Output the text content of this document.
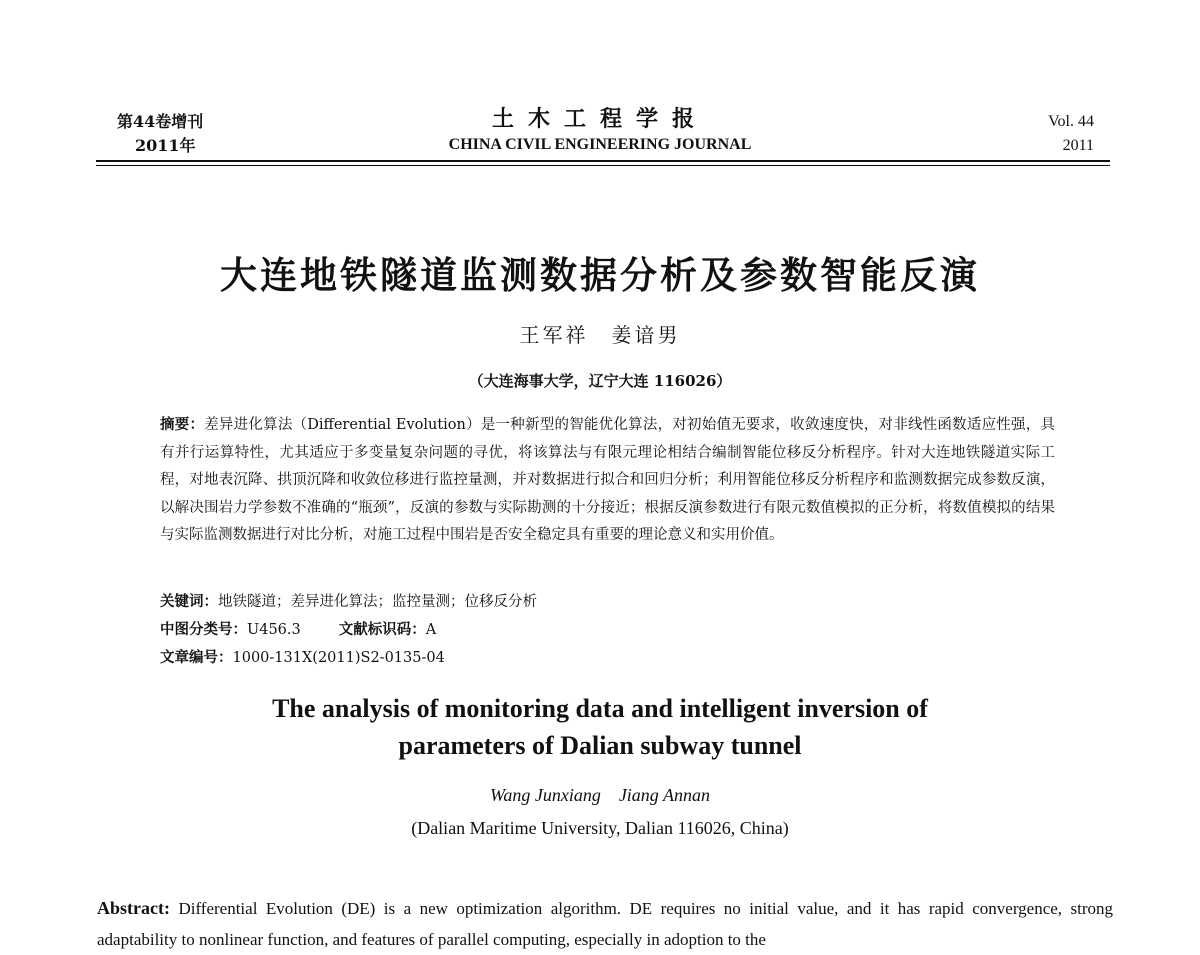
第44卷增刊
2011年
土木工程学报
CHINA CIVIL ENGINEERING JOURNAL
Vol. 44
2011
大连地铁隧道监测数据分析及参数智能反演
王军祥　姜谙男
（大连海事大学，辽宁大连 116026）
摘要：差异进化算法（Differential Evolution）是一种新型的智能优化算法，对初始值无要求，收敛速度快，对非线性函数适应性强，具有并行运算特性，尤其适应于多变量复杂问题的寻优，将该算法与有限元理论相结合编制智能位移反分析程序。针对大连地铁隧道实际工程，对地表沉降、拱顶沉降和收敛位移进行监控量测，并对数据进行拟合和回归分析；利用智能位移反分析程序和监测数据完成参数反演，以解决围岩力学参数不准确的“瓶颈”，反演的参数与实际勘测的十分接近；根据反演参数进行有限元数值模拟的正分析，将数值模拟的结果与实际监测数据进行对比分析，对施工过程中围岩是否安全稳定具有重要的理论意义和实用价值。
关键词：地铁隧道；差异进化算法；监控量测；位移反分析
中图分类号：U456.3	文献标识码：A
文章编号：1000-131X(2011)S2-0135-04
The analysis of monitoring data and intelligent inversion of
parameters of Dalian subway tunnel
Wang Junxiang　Jiang Annan
(Dalian Maritime University, Dalian 116026, China)
Abstract: Differential Evolution (DE) is a new optimization algorithm. DE requires no initial value, and it has rapid convergence, strong adaptability to nonlinear function, and features of parallel computing, especially in adoption to the
